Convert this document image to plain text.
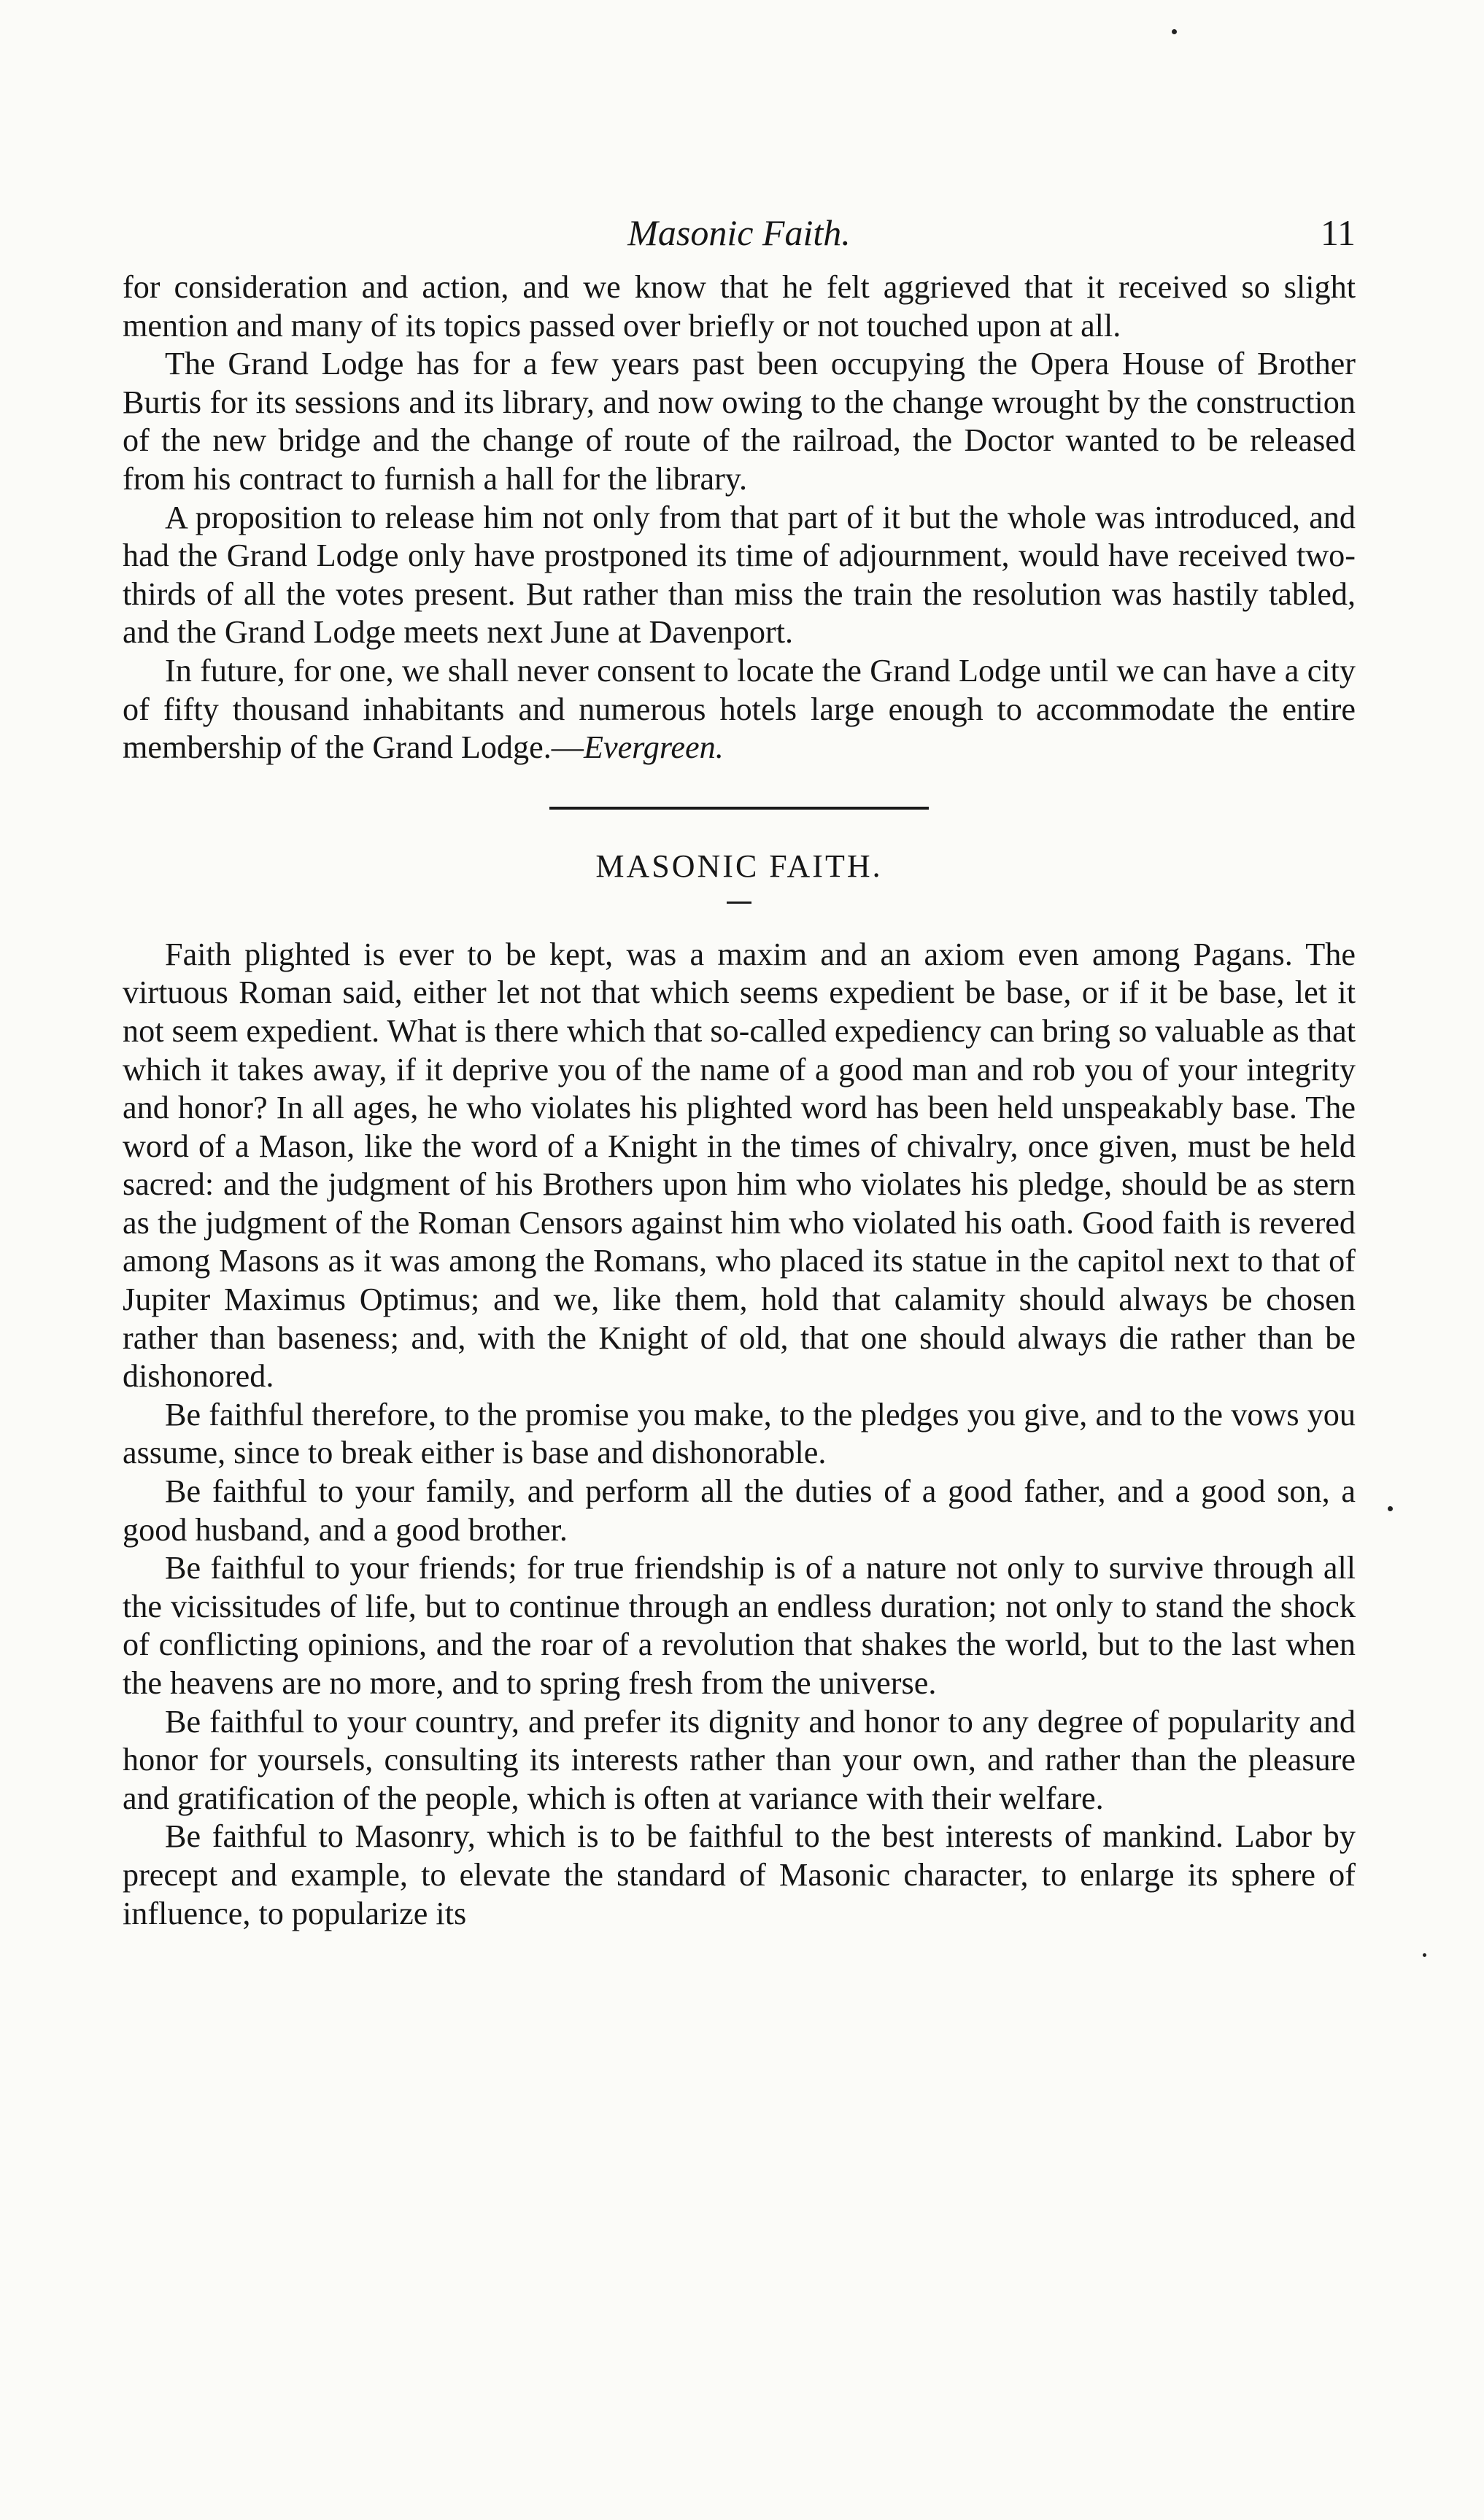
Masonic Faith.	11

for consideration and action, and we know that he felt aggrieved that it received so slight mention and many of its topics passed over briefly or not touched upon at all.

The Grand Lodge has for a few years past been occupying the Opera House of Brother Burtis for its sessions and its library, and now owing to the change wrought by the construction of the new bridge and the change of route of the railroad, the Doctor wanted to be released from his contract to furnish a hall for the library.

A proposition to release him not only from that part of it but the whole was introduced, and had the Grand Lodge only have prostponed its time of adjournment, would have received two-thirds of all the votes present. But rather than miss the train the resolution was hastily tabled, and the Grand Lodge meets next June at Davenport.

In future, for one, we shall never consent to locate the Grand Lodge until we can have a city of fifty thousand inhabitants and numerous hotels large enough to accommodate the entire membership of the Grand Lodge.—Evergreen.

MASONIC FAITH.

Faith plighted is ever to be kept, was a maxim and an axiom even among Pagans. The virtuous Roman said, either let not that which seems expedient be base, or if it be base, let it not seem expedient. What is there which that so-called expediency can bring so valuable as that which it takes away, if it deprive you of the name of a good man and rob you of your integrity and honor? In all ages, he who violates his plighted word has been held unspeakably base. The word of a Mason, like the word of a Knight in the times of chivalry, once given, must be held sacred: and the judgment of his Brothers upon him who violates his pledge, should be as stern as the judgment of the Roman Censors against him who violated his oath. Good faith is revered among Masons as it was among the Romans, who placed its statue in the capitol next to that of Jupiter Maximus Optimus; and we, like them, hold that calamity should always be chosen rather than baseness; and, with the Knight of old, that one should always die rather than be dishonored.

Be faithful therefore, to the promise you make, to the pledges you give, and to the vows you assume, since to break either is base and dishonorable.

Be faithful to your family, and perform all the duties of a good father, and a good son, a good husband, and a good brother.

Be faithful to your friends; for true friendship is of a nature not only to survive through all the vicissitudes of life, but to continue through an endless duration; not only to stand the shock of conflicting opinions, and the roar of a revolution that shakes the world, but to the last when the heavens are no more, and to spring fresh from the universe.

Be faithful to your country, and prefer its dignity and honor to any degree of popularity and honor for yoursels, consulting its interests rather than your own, and rather than the pleasure and gratification of the people, which is often at variance with their welfare.

Be faithful to Masonry, which is to be faithful to the best interests of mankind. Labor by precept and example, to elevate the standard of Masonic character, to enlarge its sphere of influence, to popularize its
